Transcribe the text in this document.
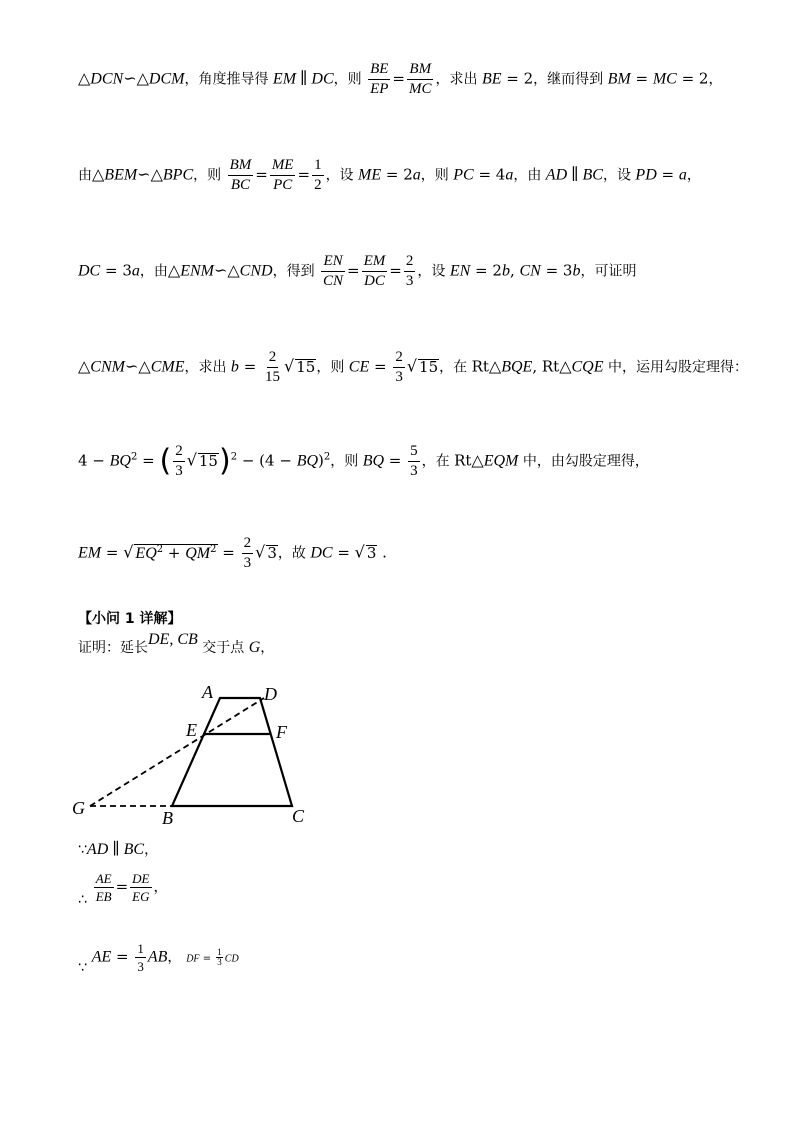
△DCN∽△DCM，角度推导得 EM ∥ DC，则 $\frac{BE}{EP} = \frac{BM}{MC}$ ，求出 BE = 2，继而得到 BM = MC = 2，
由△BEM∽△BPC，则 $\frac{BM}{BC} = \frac{ME}{PC} = \frac{1}{2}$ ，设 ME = 2a，则 PC = 4a，由 AD ∥ BC，设 PD = a，
DC = 3a，由△ENM∽△CND，得到 $\frac{EN}{CN} = \frac{EM}{DC} = \frac{2}{3}$ ，设 EN = 2b, CN = 3b，可证明
△CNM∽△CME，求出 $b = \frac{2}{15}$ √ 15，则 CE = $\frac{2}{3}$ √ 15，在 Rt△BQE, Rt△CQE 中，运用勾股定理得：
$4 - BQ^2$ = ( $\frac{2}{3}$ √ 15)$^2$ − (4 − BQ)$^2$，则 BQ = $\frac{5}{3}$ ，在 Rt△EQM 中，由勾股定理得，
EM = √ $EQ^2 + QM^2 = \frac{2}{3}$ √ 3，故 DC = √ 3 .
【小问 1 详解】
证明：延长DE, CB 交于点 G，
A	D
E	F
G	B	C
∵AD ∥ BC，
∴ $\frac{AE}{EB} = \frac{DE}{EG}$ ，
∵ AE = $\frac{1}{3}$ AB， DF = $\frac{1}{3}$ CD
